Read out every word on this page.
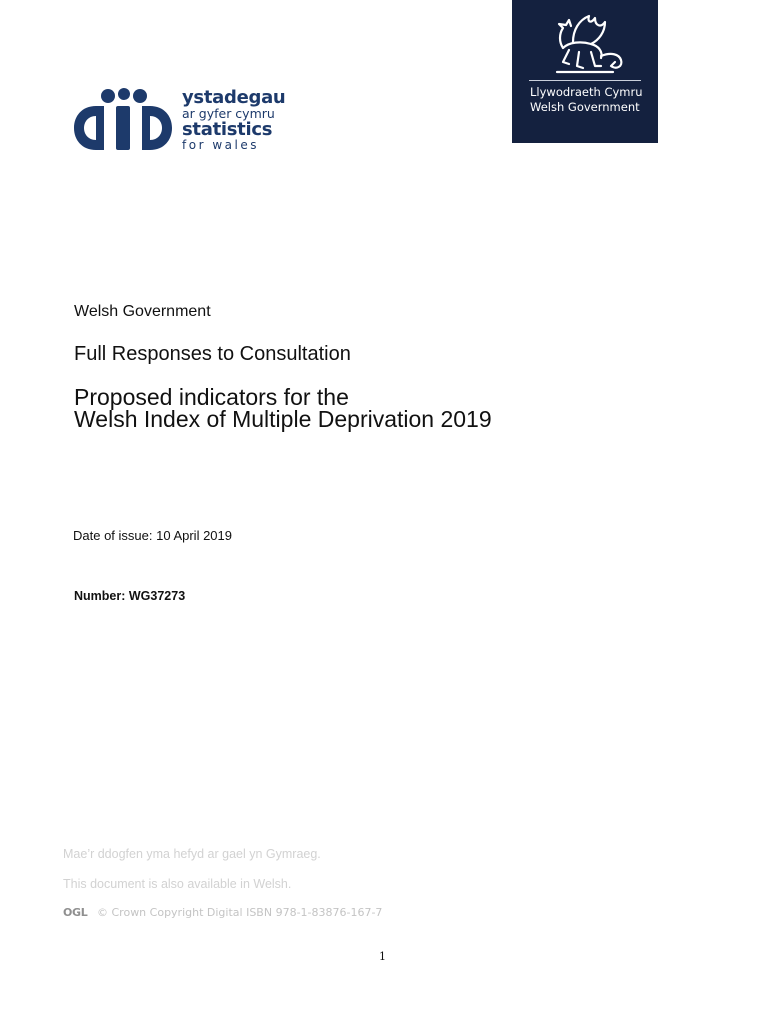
Llywodraeth Cymru
Welsh Government
ystadegau
ar gyfer cymru
statistics
for wales
Welsh Government
Full Responses to Consultation
Proposed indicators for the
Welsh Index of Multiple Deprivation 2019
Date of issue: 10 April 2019
Number: WG37273
Mae’r ddogfen yma hefyd ar gael yn Gymraeg.
This document is also available in Welsh.
OGL © Crown Copyright Digital ISBN 978-1-83876-167-7
1
